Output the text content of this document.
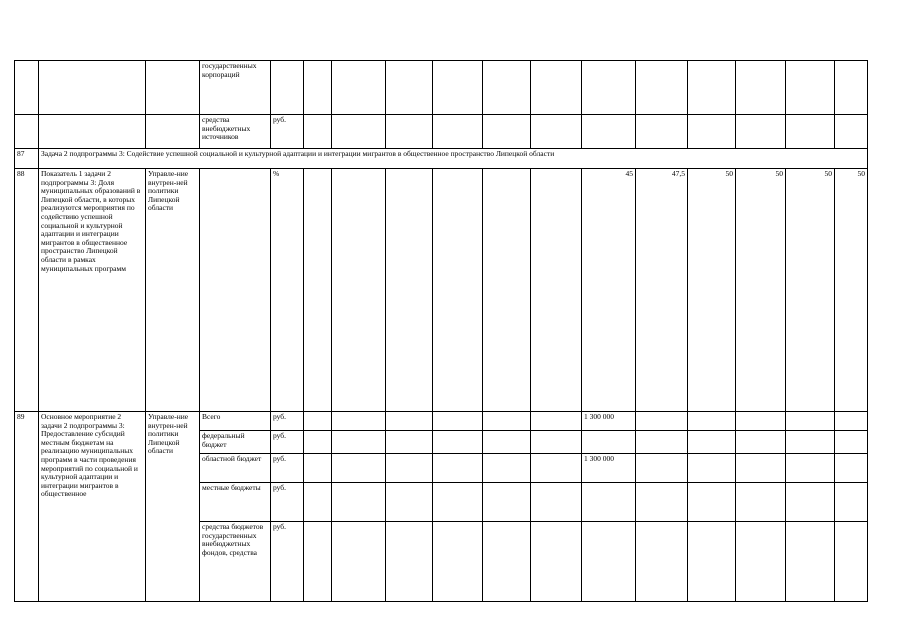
			государственных корпораций													
			средства внебюджетных источников	руб.												
87	Задача 2 подпрограммы 3: Содействие успешной социальной и культурной адаптации и интеграции мигрантов в общественное пространство Липецкой области															
88	Показатель 1 задачи 2 подпрограммы 3: Доля муниципальных образований в Липецкой области, в которых реализуются мероприятия по содействию успешной социальной и культурной адаптации и интеграции мигрантов в общественное пространство Липецкой области в рамках муниципальных программ	Управле-ние внутрен-ней политики Липецкой области		%							45	47,5	50	50	50	50
89	Основное мероприятие 2 задачи 2 подпрограммы 3: Предоставление субсидий местным бюджетам на реализацию муниципальных программ в части проведения мероприятий по социальной и культурной адаптации и интеграции мигрантов в общественное	Управле-ние внутрен-ней политики Липецкой области	Всего	руб.							1 300 000					
			федеральный бюджет	руб.												
			областной бюджет	руб.							1 300 000					
			местные бюджеты	руб.												
			средства бюджетов государственных внебюджетных фондов, средства	руб.												
